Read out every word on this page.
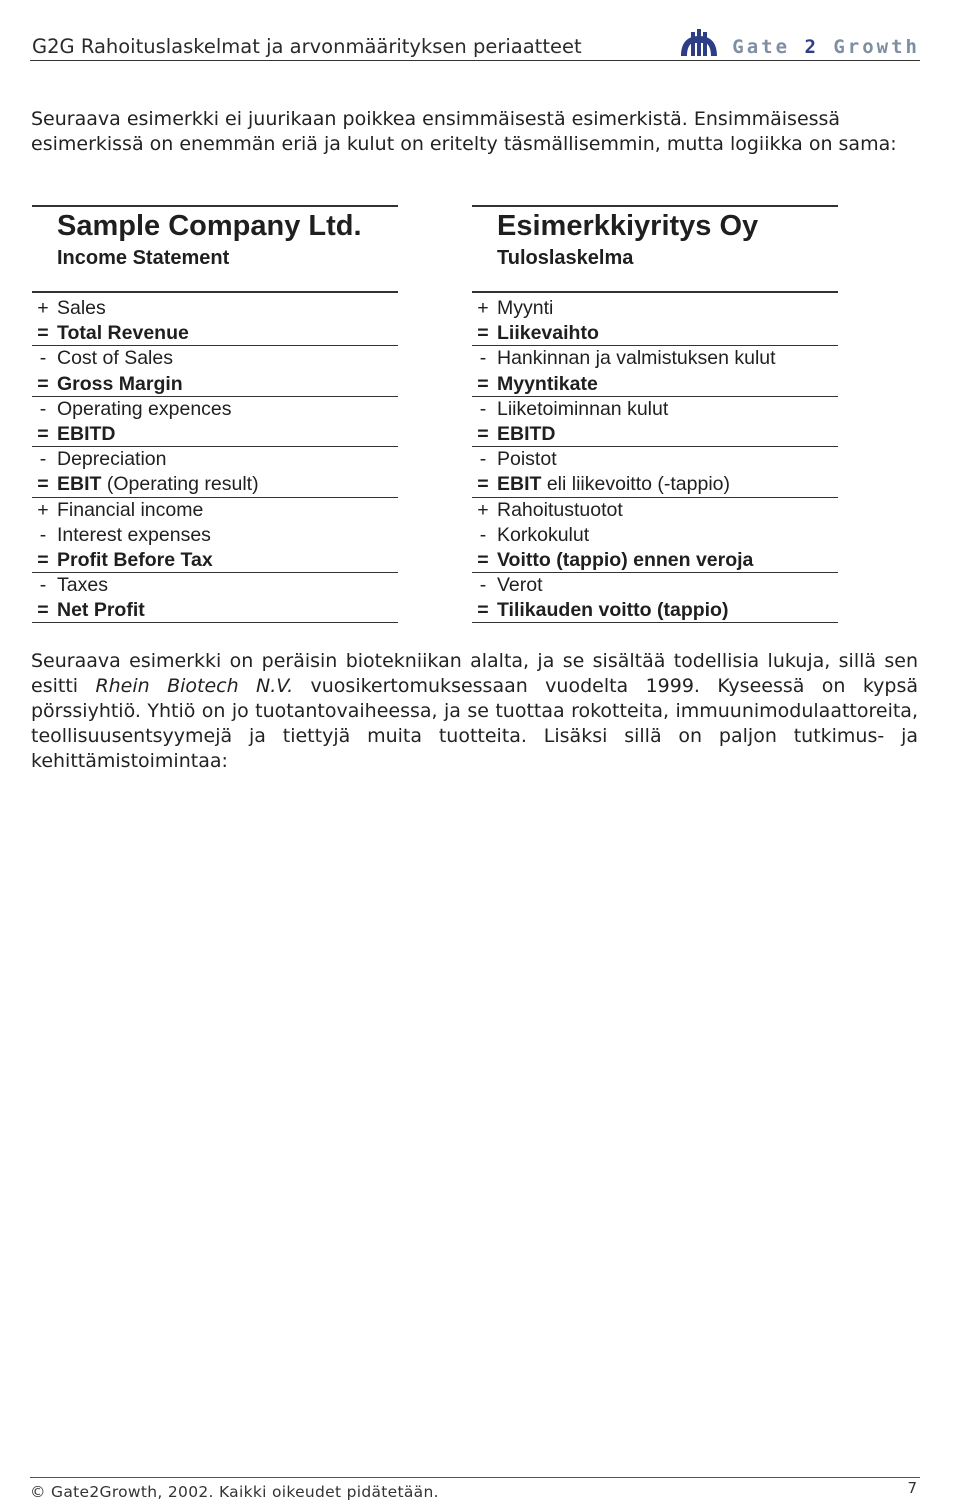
G2G Rahoituslaskelmat ja arvonmäärityksen periaatteet	Gate 2 Growth
Seuraava esimerkki ei juurikaan poikkea ensimmäisestä esimerkistä. Ensimmäisessä esimerkissä on enemmän eriä ja kulut on eritelty täsmällisemmin, mutta logiikka on sama:
Sample Company Ltd.
Income Statement
+ Sales
= Total Revenue
- Cost of Sales
= Gross Margin
- Operating expences
= EBITD
- Depreciation
= EBIT (Operating result)
+ Financial income
- Interest expenses
= Profit Before Tax
- Taxes
= Net Profit
Esimerkkiyritys Oy
Tuloslaskelma
+ Myynti
= Liikevaihto
- Hankinnan ja valmistuksen kulut
= Myyntikate
- Liiketoiminnan kulut
= EBITD
- Poistot
= EBIT eli liikevoitto (-tappio)
+ Rahoitustuotot
- Korkokulut
= Voitto (tappio) ennen veroja
- Verot
= Tilikauden voitto (tappio)
Seuraava esimerkki on peräisin biotekniikan alalta, ja se sisältää todellisia lukuja, sillä sen esitti Rhein Biotech N.V. vuosikertomuksessaan vuodelta 1999. Kyseessä on kypsä pörssiyhtiö. Yhtiö on jo tuotantovaiheessa, ja se tuottaa rokotteita, immuunimodulaattoreita, teollisuusentsyymejä ja tiettyjä muita tuotteita. Lisäksi sillä on paljon tutkimus- ja kehittämistoimintaa:
© Gate2Growth, 2002. Kaikki oikeudet pidätetään.	7
